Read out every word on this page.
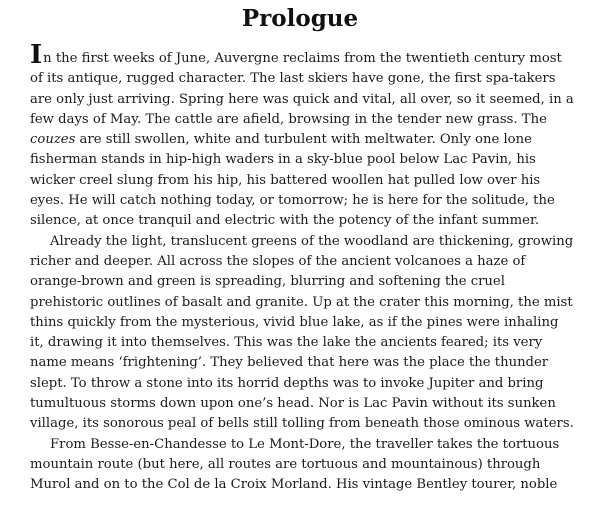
Prologue

In the first weeks of June, Auvergne reclaims from the twentieth century most of its antique, rugged character. The last skiers have gone, the first spa-takers are only just arriving. Spring here was quick and vital, all over, so it seemed, in a few days of May. The cattle are afield, browsing in the tender new grass. The couzes are still swollen, white and turbulent with meltwater. Only one lone fisherman stands in hip-high waders in a sky-blue pool below Lac Pavin, his wicker creel slung from his hip, his battered woollen hat pulled low over his eyes. He will catch nothing today, or tomorrow; he is here for the solitude, the silence, at once tranquil and electric with the potency of the infant summer.

Already the light, translucent greens of the woodland are thickening, growing richer and deeper. All across the slopes of the ancient volcanoes a haze of orange-brown and green is spreading, blurring and softening the cruel prehistoric outlines of basalt and granite. Up at the crater this morning, the mist thins quickly from the mysterious, vivid blue lake, as if the pines were inhaling it, drawing it into themselves. This was the lake the ancients feared; its very name means ‘frightening’. They believed that here was the place the thunder slept. To throw a stone into its horrid depths was to invoke Jupiter and bring tumultuous storms down upon one’s head. Nor is Lac Pavin without its sunken village, its sonorous peal of bells still tolling from beneath those ominous waters.

From Besse-en-Chandesse to Le Mont-Dore, the traveller takes the tortuous mountain route (but here, all routes are tortuous and mountainous) through Murol and on to the Col de la Croix Morland. His vintage Bentley tourer, noble
